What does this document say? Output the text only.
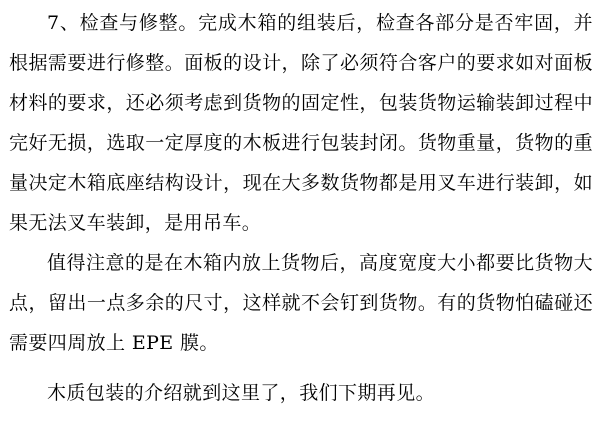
7、检查与修整。完成木箱的组装后，检查各部分是否牢固，并根据需要进行修整。面板的设计，除了必须符合客户的要求如对面板材料的要求，还必须考虑到货物的固定性，包装货物运输装卸过程中完好无损，选取一定厚度的木板进行包装封闭。货物重量，货物的重量决定木箱底座结构设计，现在大多数货物都是用叉车进行装卸，如果无法叉车装卸，是用吊车。

值得注意的是在木箱内放上货物后，高度宽度大小都要比货物大点，留出一点多余的尺寸，这样就不会钉到货物。有的货物怕磕碰还需要四周放上 EPE 膜。

木质包装的介绍就到这里了，我们下期再见。
